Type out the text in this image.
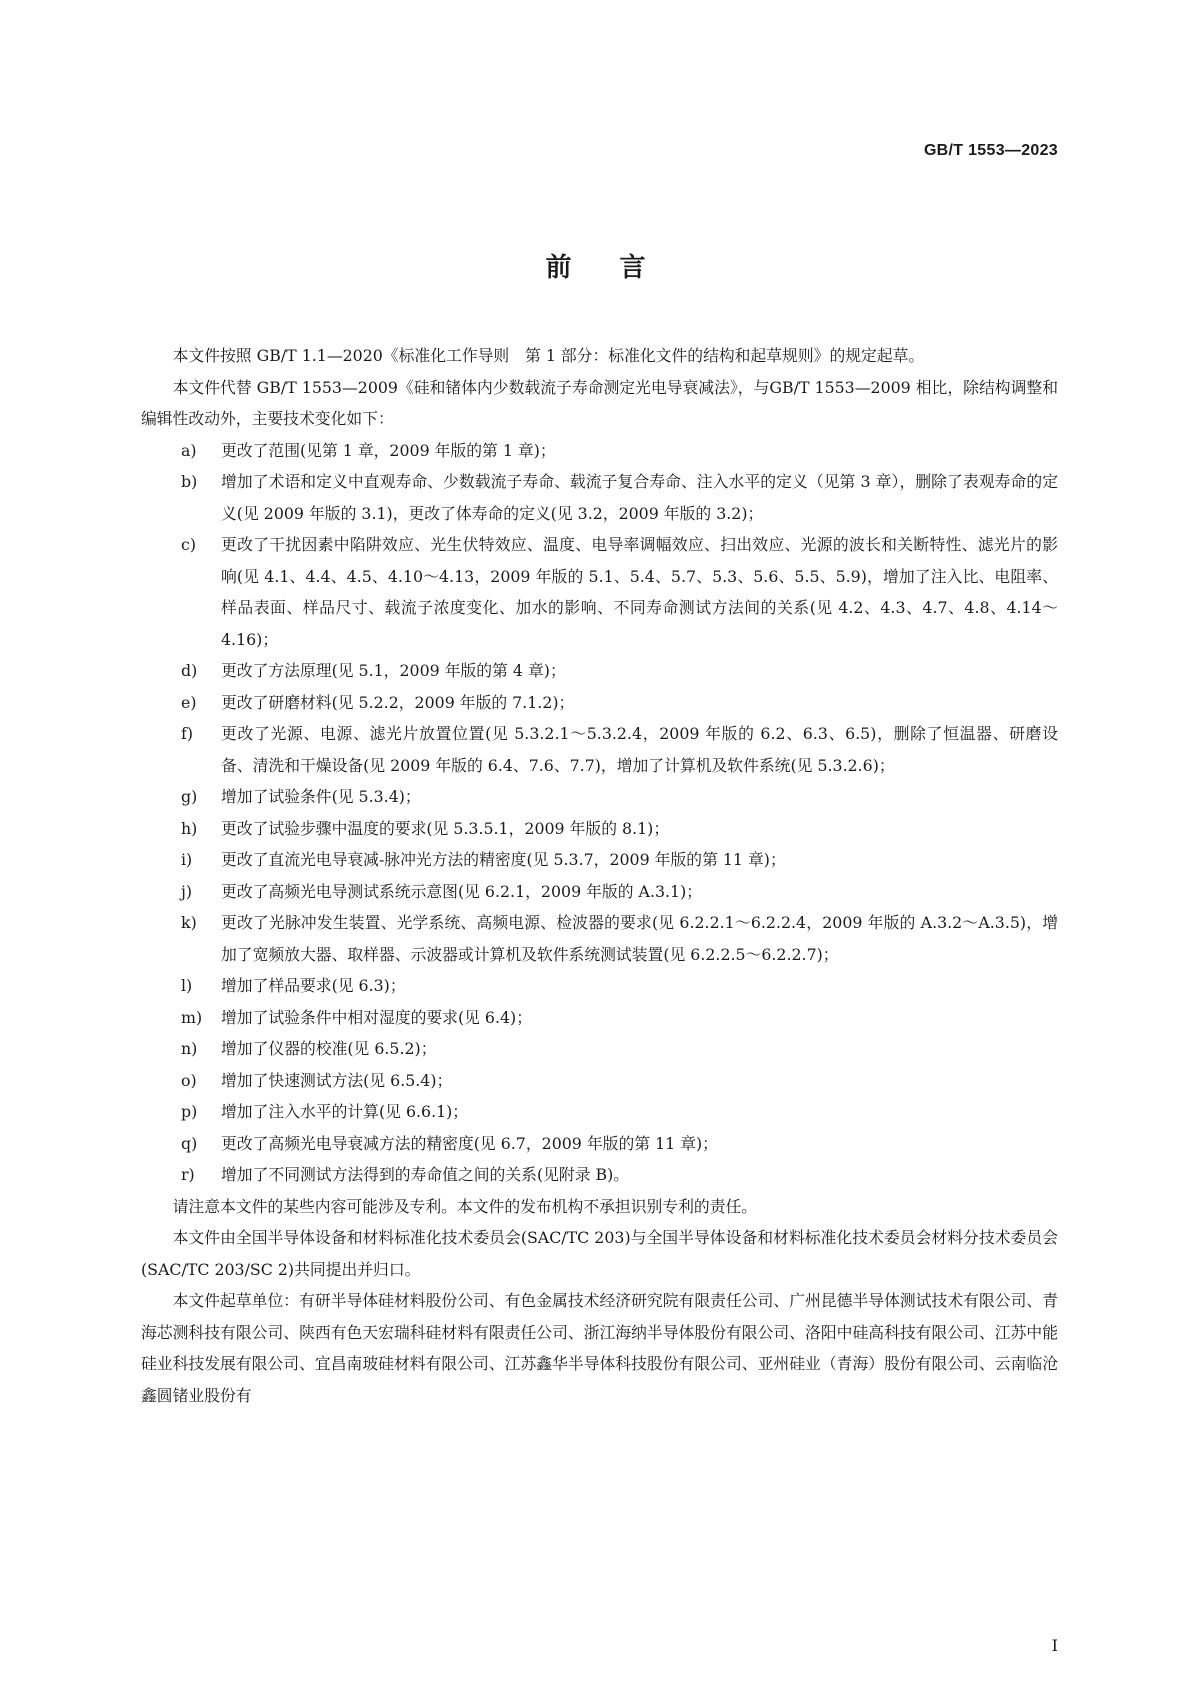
GB/T 1553—2023
前言

本文件按照 GB/T 1.1—2020《标准化工作导则　第 1 部分：标准化文件的结构和起草规则》的规定起草。

本文件代替 GB/T 1553—2009《硅和锗体内少数载流子寿命测定光电导衰减法》，与GB/T 1553—2009 相比，除结构调整和编辑性改动外，主要技术变化如下：

a)	更改了范围(见第 1 章，2009 年版的第 1 章)；
b)	增加了术语和定义中直观寿命、少数载流子寿命、载流子复合寿命、注入水平的定义（见第 3 章），删除了表观寿命的定义(见 2009 年版的 3.1)，更改了体寿命的定义(见 3.2，2009 年版的 3.2)；
c)	更改了干扰因素中陷阱效应、光生伏特效应、温度、电导率调幅效应、扫出效应、光源的波长和关断特性、滤光片的影响(见 4.1、4.4、4.5、4.10～4.13，2009 年版的 5.1、5.4、5.7、5.3、5.6、5.5、5.9)，增加了注入比、电阻率、样品表面、样品尺寸、载流子浓度变化、加水的影响、不同寿命测试方法间的关系(见 4.2、4.3、4.7、4.8、4.14～4.16)；
d)	更改了方法原理(见 5.1，2009 年版的第 4 章)；
e)	更改了研磨材料(见 5.2.2，2009 年版的 7.1.2)；
f)	更改了光源、电源、滤光片放置位置(见 5.3.2.1～5.3.2.4，2009 年版的 6.2、6.3、6.5)，删除了恒温器、研磨设备、清洗和干燥设备(见 2009 年版的 6.4、7.6、7.7)，增加了计算机及软件系统(见 5.3.2.6)；
g)	增加了试验条件(见 5.3.4)；
h)	更改了试验步骤中温度的要求(见 5.3.5.1，2009 年版的 8.1)；
i)	更改了直流光电导衰减-脉冲光方法的精密度(见 5.3.7，2009 年版的第 11 章)；
j)	更改了高频光电导测试系统示意图(见 6.2.1，2009 年版的 A.3.1)；
k)	更改了光脉冲发生装置、光学系统、高频电源、检波器的要求(见 6.2.2.1～6.2.2.4，2009 年版的 A.3.2～A.3.5)，增加了宽频放大器、取样器、示波器或计算机及软件系统测试装置(见 6.2.2.5～6.2.2.7)；
l)	增加了样品要求(见 6.3)；
m)	增加了试验条件中相对湿度的要求(见 6.4)；
n)	增加了仪器的校准(见 6.5.2)；
o)	增加了快速测试方法(见 6.5.4)；
p)	增加了注入水平的计算(见 6.6.1)；
q)	更改了高频光电导衰减方法的精密度(见 6.7，2009 年版的第 11 章)；
r)	增加了不同测试方法得到的寿命值之间的关系(见附录 B)。

请注意本文件的某些内容可能涉及专利。本文件的发布机构不承担识别专利的责任。

本文件由全国半导体设备和材料标准化技术委员会(SAC/TC 203)与全国半导体设备和材料标准化技术委员会材料分技术委员会(SAC/TC 203/SC 2)共同提出并归口。

本文件起草单位：有研半导体硅材料股份公司、有色金属技术经济研究院有限责任公司、广州昆德半导体测试技术有限公司、青海芯测科技有限公司、陕西有色天宏瑞科硅材料有限责任公司、浙江海纳半导体股份有限公司、洛阳中硅高科技有限公司、江苏中能硅业科技发展有限公司、宜昌南玻硅材料有限公司、江苏鑫华半导体科技股份有限公司、亚州硅业（青海）股份有限公司、云南临沧鑫圆锗业股份有

I
